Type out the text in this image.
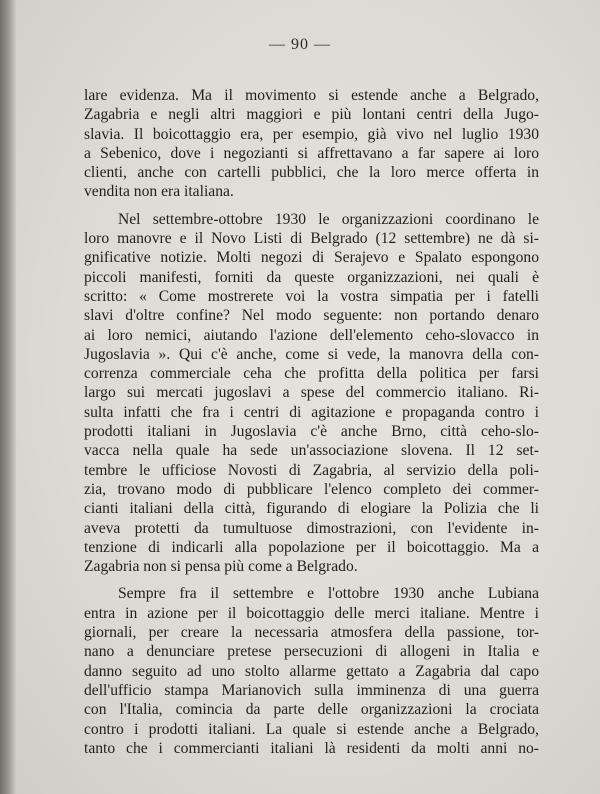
— 90 —
lare evidenza. Ma il movimento si estende anche a Belgrado,
Zagabria e negli altri maggiori e più lontani centri della Jugo-
slavia. Il boicottaggio era, per esempio, già vivo nel luglio 1930
a Sebenico, dove i negozianti si affrettavano a far sapere ai loro
clienti, anche con cartelli pubblici, che la loro merce offerta in
vendita non era italiana.
Nel settembre-ottobre 1930 le organizzazioni coordinano le
loro manovre e il Novo Listi di Belgrado (12 settembre) ne dà si-
gnificative notizie. Molti negozi di Serajevo e Spalato espongono
piccoli manifesti, forniti da queste organizzazioni, nei quali è
scritto: « Come mostrerete voi la vostra simpatia per i fatelli
slavi d'oltre confine? Nel modo seguente: non portando denaro
ai loro nemici, aiutando l'azione dell'elemento ceho-slovacco in
Jugoslavia ». Qui c'è anche, come si vede, la manovra della con-
correnza commerciale ceha che profitta della politica per farsi
largo sui mercati jugoslavi a spese del commercio italiano. Ri-
sulta infatti che fra i centri di agitazione e propaganda contro i
prodotti italiani in Jugoslavia c'è anche Brno, città ceho-slo-
vacca nella quale ha sede un'associazione slovena. Il 12 set-
tembre le ufficiose Novosti di Zagabria, al servizio della poli-
zia, trovano modo di pubblicare l'elenco completo dei commer-
cianti italiani della città, figurando di elogiare la Polizia che li
aveva protetti da tumultuose dimostrazioni, con l'evidente in-
tenzione di indicarli alla popolazione per il boicottaggio. Ma a
Zagabria non si pensa più come a Belgrado.
Sempre fra il settembre e l'ottobre 1930 anche Lubiana
entra in azione per il boicottaggio delle merci italiane. Mentre i
giornali, per creare la necessaria atmosfera della passione, tor-
nano a denunciare pretese persecuzioni di allogeni in Italia e
danno seguito ad uno stolto allarme gettato a Zagabria dal capo
dell'ufficio stampa Marianovich sulla imminenza di una guerra
con l'Italia, comincia da parte delle organizzazioni la crociata
contro i prodotti italiani. La quale si estende anche a Belgrado,
tanto che i commercianti italiani là residenti da molti anni no-
